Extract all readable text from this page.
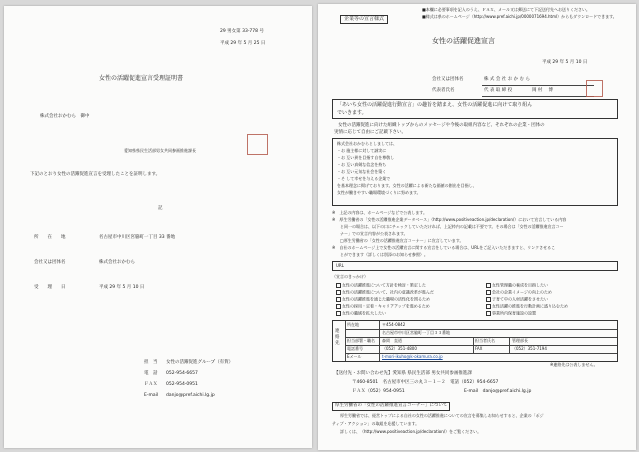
29 男女第 33-778 号
平成 29 年 5 月 25 日
女性の活躍促進宣言受理証明書
株式会社おかむら　御中
愛知県県民生活部男女共同参画推進課長
下記のとおり女性の活躍促進宣言を受理したことを証明します。
記
所　　在　　地	名古屋市中川区宮脇町一丁目 33 番地
会社又は団体名	株式会社おかむら
受　　理　　日	平成 29 年 5 月 10 日
担　当 女性の活躍促進グループ（有賀）
電　話 052-954-6657
ＦＡＸ 052-954-0951
E-mail danjo@pref.aichi.lg.jp
■本欄に必要事項を記入のうえ、ＦＡＸ、メール又は郵送にて下記送付先へお送りください。
■様式は県のホームページ（http://www.pref.aichi.jp/0000071694.html）からもダウンロードできます。
企業等の宣言様式
女性の活躍促進宣言
平成 29 年 5 月 10 日
会社又は団体名	株 式 会 社 お か む ら
代表者氏名	代 表 取 締 役	岡 村　 博
「あいち女性の活躍促進行動宣言」の趣旨を踏まえ、女性の活躍促進に向けて取り組ん
でいきます。
女性の活躍促進に向けた組織トップからのメッセージや今後の取組内容など、それぞれの企業・団体の
実情に応じて自由にご記載下さい。
株式会社おかむらとしましては、
・お 施主様に対して誠実に
・お 互い異を目指す自を尊敬し
・お 互い真剣な信念を持ち
・お 互い元気な社会を築く
・そ して幸せを与える企業で
を基本理念に掲げております。女性の活躍による新たな価値の創出を目指し、
女性が働きやすい職場環境づくりに努めます。
※　上記の内容は、ホームページなどで公表します。
※　厚生労働省の「女性の活躍推進企業データベース」（http://www.positiveaction.jp/declaration/）において宣言している内容
　　と同一の場合は、以下の口にチェックしていただければ、上記枠内の記載は不要です。その場合は「女性の活躍推進宣言コー
　　ナー」での宣言内容が公表されます。
　　□厚生労働省の「女性の活躍推進宣言コーナー」に宣言しています。
※　自社のホームページ上で女性の活躍宣言に関する宣言をしている場合は、URLをご記入いただきますと、リンクさせるこ
　　とができます（詳しくは別添のお知らせ参照）。
URL
（宣言のきっかけ）
女性の活躍推進について方針を検討・策定した
女性の活躍推進について、社内の意識改革が進んだ
女性の活躍推進を通じた職場の活性化を図るため
女性の採用・定着・キャリアアップを進めるため
女性の職域を拡大したい
女性管理職の養成を目指したい
会社の企業イメージの向上のため
子育て中の人材活躍をさせたい
女性活躍の推進を行動計画に盛り込むため
事業所内保育施設の設置
連絡先
所在地	〒454-0842
名古屋市中川区宮脇町一丁目３３番地
担当部署・職名 森岡　直道	担当者氏名	管理部長
電話番号	（052）351-4800	FAX	（052）351-7194
Eメール	t-mori-ikuho@k-okamura.co.jp
※連絡先は公表しません。
【送付先・お問い合わせ先】愛知県 県民生活部 男女共同参画推進課
〒460-8501　名古屋市中区三の丸３－１－２　電話（052）954-6657
ＦＡＸ（052）954-0951	E-mail　danjo@pref.aichi.lg.jp
厚生労働省の「女性の活躍推進宣言コーナー」について
厚生労働省では、経営トップによる自社の女性の活躍推進についての宣言を募集しお知らせすると、企業の「ポジ
ティブ・アクション」の取組を応援しています。
詳しくは、（http://www.positiveaction.jp/declaration/）をご覧ください。
